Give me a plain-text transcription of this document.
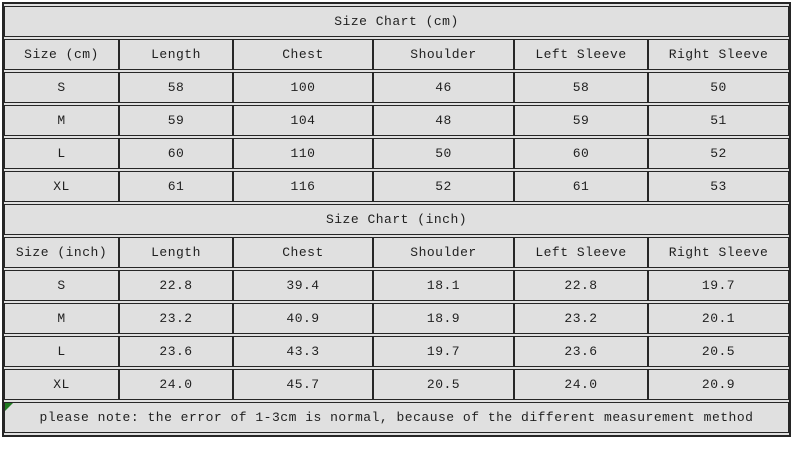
Size Chart (cm)					
Size (cm)	Length	Chest	Shoulder	Left Sleeve	Right Sleeve
S	58	100	46	58	50
M	59	104	48	59	51
L	60	110	50	60	52
XL	61	116	52	61	53
Size Chart (inch)					
Size (inch)	Length	Chest	Shoulder	Left Sleeve	Right Sleeve
S	22.8	39.4	18.1	22.8	19.7
M	23.2	40.9	18.9	23.2	20.1
L	23.6	43.3	19.7	23.6	20.5
XL	24.0	45.7	20.5	24.0	20.9

please note: the error of 1-3cm is normal, because of the different measurement method					
